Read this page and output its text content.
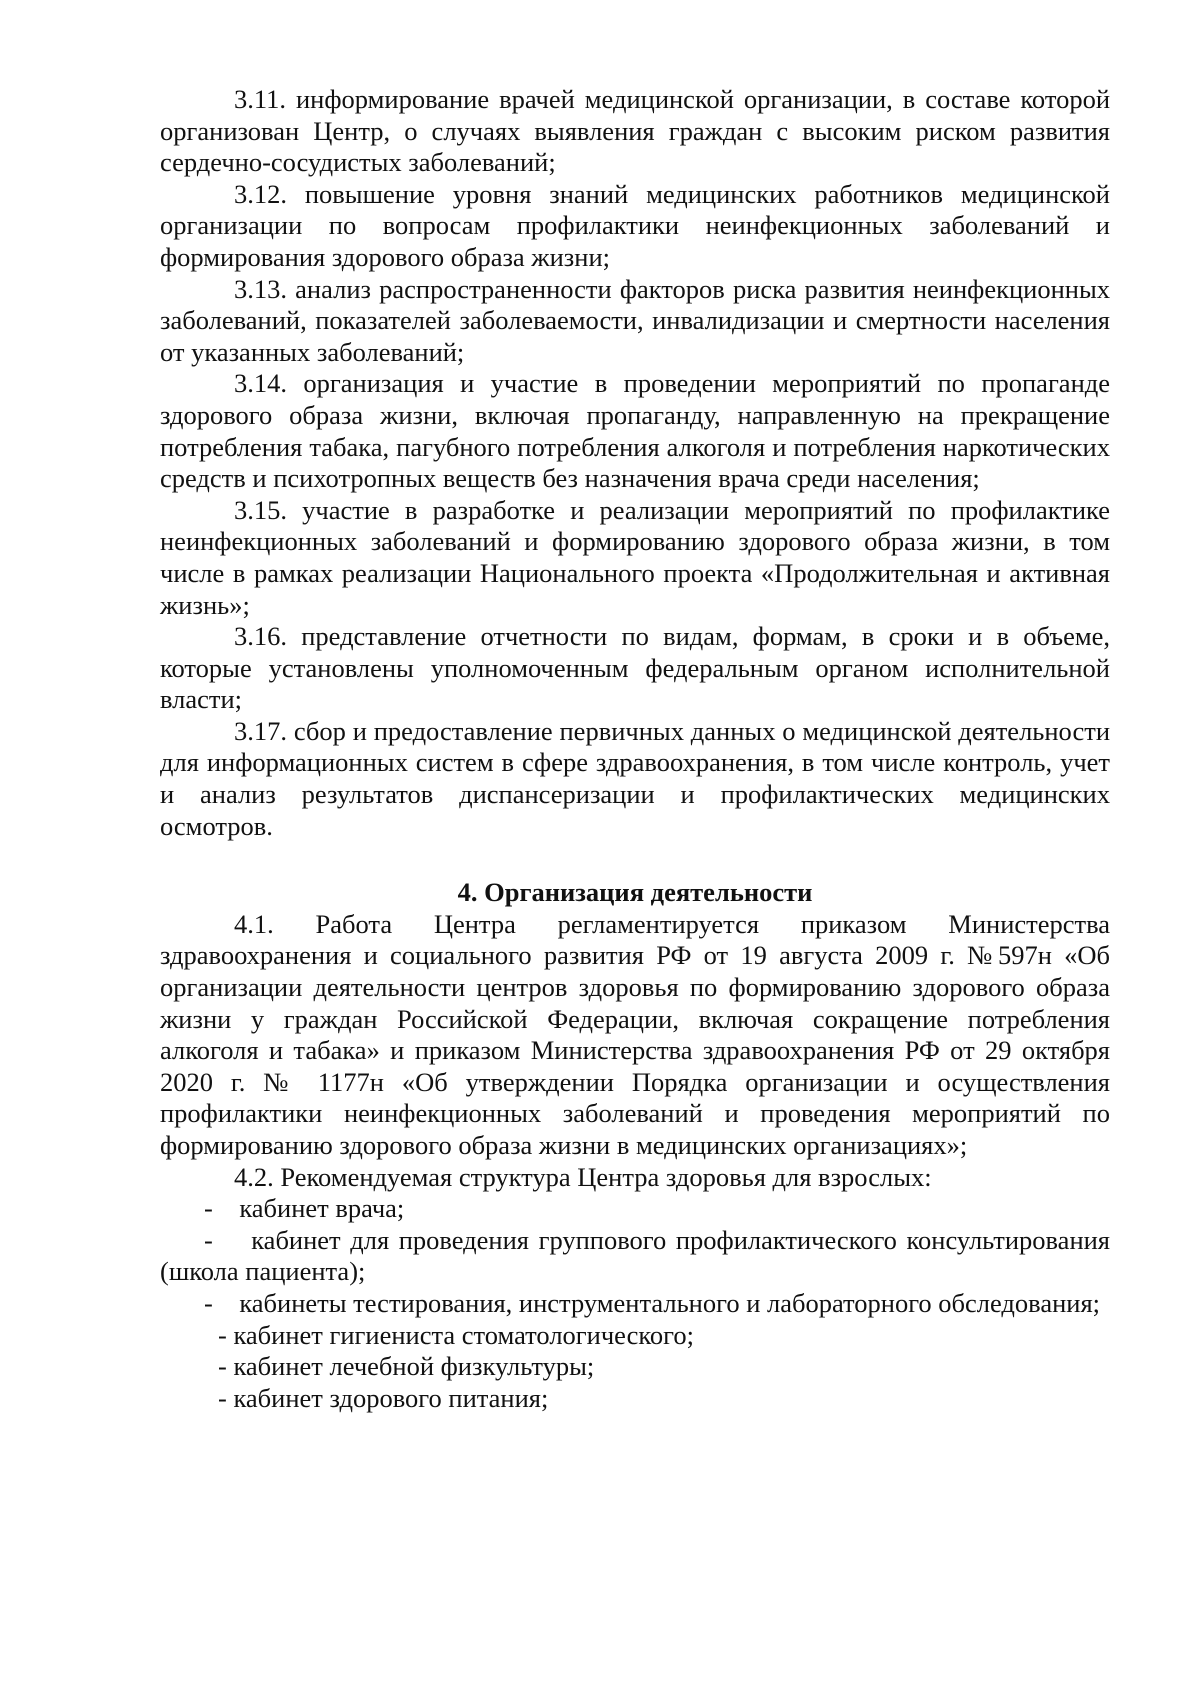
3.11. информирование врачей медицинской организации, в составе которой организован Центр, о случаях выявления граждан с высоким риском развития сердечно-сосудистых заболеваний;

3.12. повышение уровня знаний медицинских работников медицинской организации по вопросам профилактики неинфекционных заболеваний и формирования здорового образа жизни;

3.13. анализ распространенности факторов риска развития неинфекционных заболеваний, показателей заболеваемости, инвалидизации и смертности населения от указанных заболеваний;

3.14. организация и участие в проведении мероприятий по пропаганде здорового образа жизни, включая пропаганду, направленную на прекращение потребления табака, пагубного потребления алкоголя и потребления наркотических средств и психотропных веществ без назначения врача среди населения;

3.15. участие в разработке и реализации мероприятий по профилактике неинфекционных заболеваний и формированию здорового образа жизни, в том числе в рамках реализации Национального проекта «Продолжительная и активная жизнь»;

3.16. представление отчетности по видам, формам, в сроки и в объеме, которые установлены уполномоченным федеральным органом исполнительной власти;

3.17. сбор и предоставление первичных данных о медицинской деятельности для информационных систем в сфере здравоохранения, в том числе контроль, учет и анализ результатов диспансеризации и профилактических медицинских осмотров.

4. Организация деятельности

4.1. Работа Центра регламентируется приказом Министерства здравоохранения и социального развития РФ от 19 августа 2009 г. №597н «Об организации деятельности центров здоровья по формированию здорового образа жизни у граждан Российской Федерации, включая сокращение потребления алкоголя и табака» и приказом Министерства здравоохранения РФ от 29 октября 2020 г. № 1177н «Об утверждении Порядка организации и осуществления профилактики неинфекционных заболеваний и проведения мероприятий по формированию здорового образа жизни в медицинских организациях»;

4.2. Рекомендуемая структура Центра здоровья для взрослых:

-    кабинет врача;

-    кабинет для проведения группового профилактического консультирования (школа пациента);

-    кабинеты тестирования, инструментального и лабораторного обследования;

- кабинет гигиениста стоматологического;

- кабинет лечебной физкультуры;

- кабинет здорового питания;
